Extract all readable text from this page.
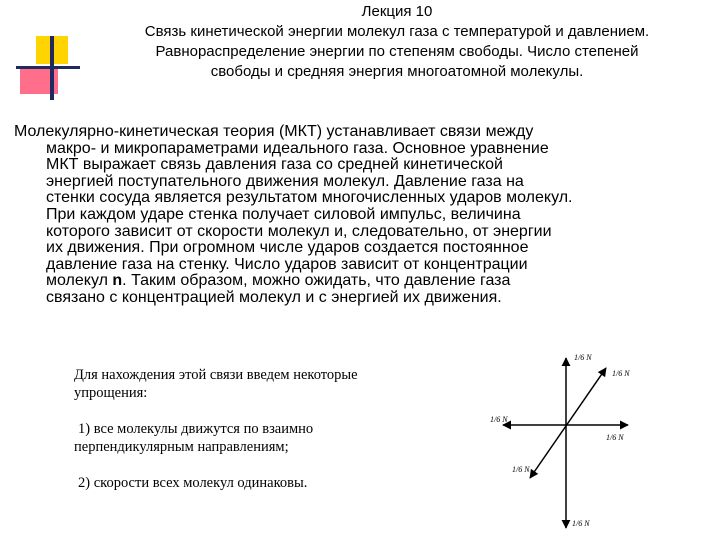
Лекция 10
Связь кинетической энергии молекул газа с температурой и давлением.
Равнораспределение энергии по степеням свободы. Число степеней
свободы и средняя энергия многоатомной молекулы.
Молекулярно-кинетическая теория (МКТ) устанавливает связи между
макро- и микропараметрами идеального газа. Основное уравнение
МКТ выражает связь давления газа со средней кинетической
энергией поступательного движения молекул. Давление газа на
стенки сосуда является результатом многочисленных ударов молекул.
При каждом ударе стенка получает силовой импульс, величина
которого зависит от скорости молекул и, следовательно, от энергии
их движения. При огромном числе ударов создается постоянное
давление газа на стенку. Число ударов зависит от концентрации
молекул n. Таким образом, можно ожидать, что давление газа
связано с концентрацией молекул и с энергией их движения.
Для нахождения этой связи введем некоторые
упрощения:
1) все молекулы движутся по взаимно
перпендикулярным направлениям;
2) скорости всех молекул одинаковы.
1/6 N
1/6 N
1/6 N
1/6 N
1/6 N
1/6 N
